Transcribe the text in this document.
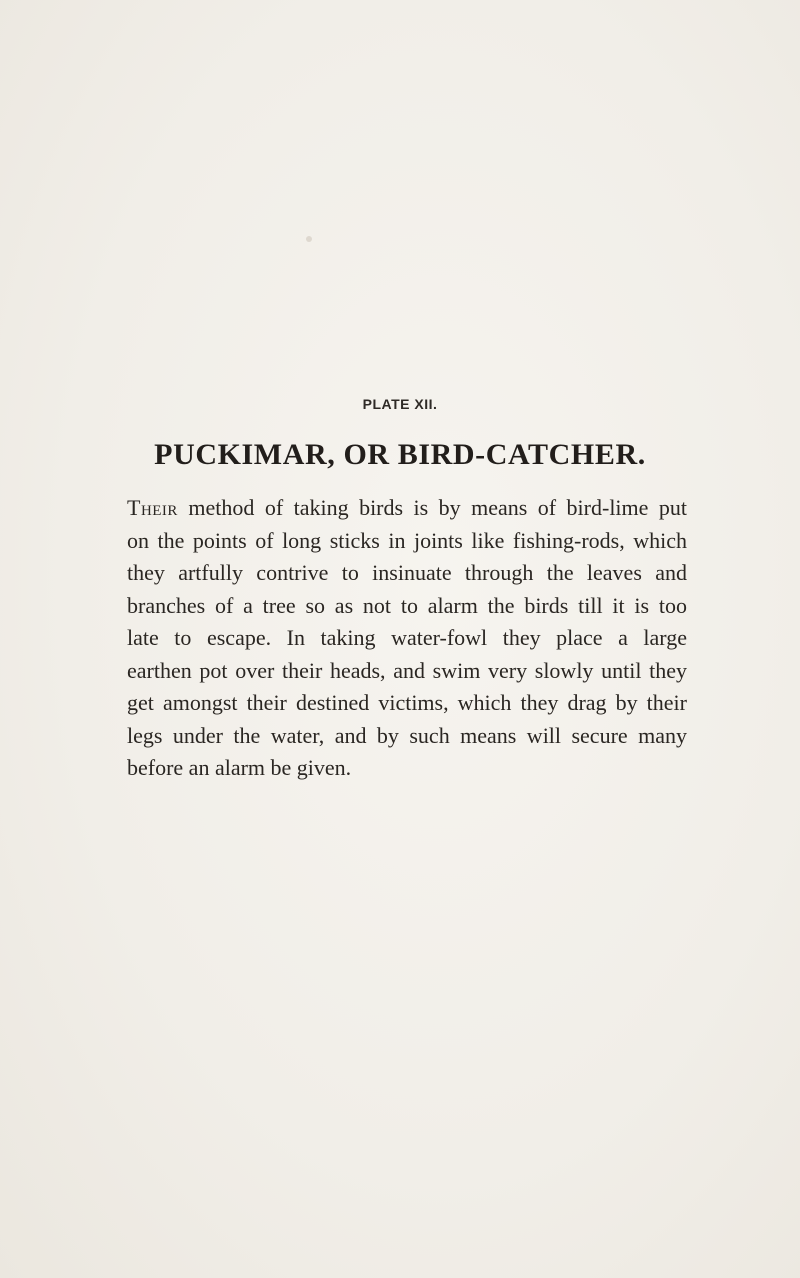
PLATE XII.
PUCKIMAR, OR BIRD-CATCHER.
Their method of taking birds is by means of bird-lime put
on the points of long sticks in joints like fishing-rods, which
they artfully contrive to insinuate through the leaves and
branches of a tree so as not to alarm the birds till it is too
late to escape. In taking water-fowl they place a large
earthen pot over their heads, and swim very slowly until they
get amongst their destined victims, which they drag by their
legs under the water, and by such means will secure many
before an alarm be given.
